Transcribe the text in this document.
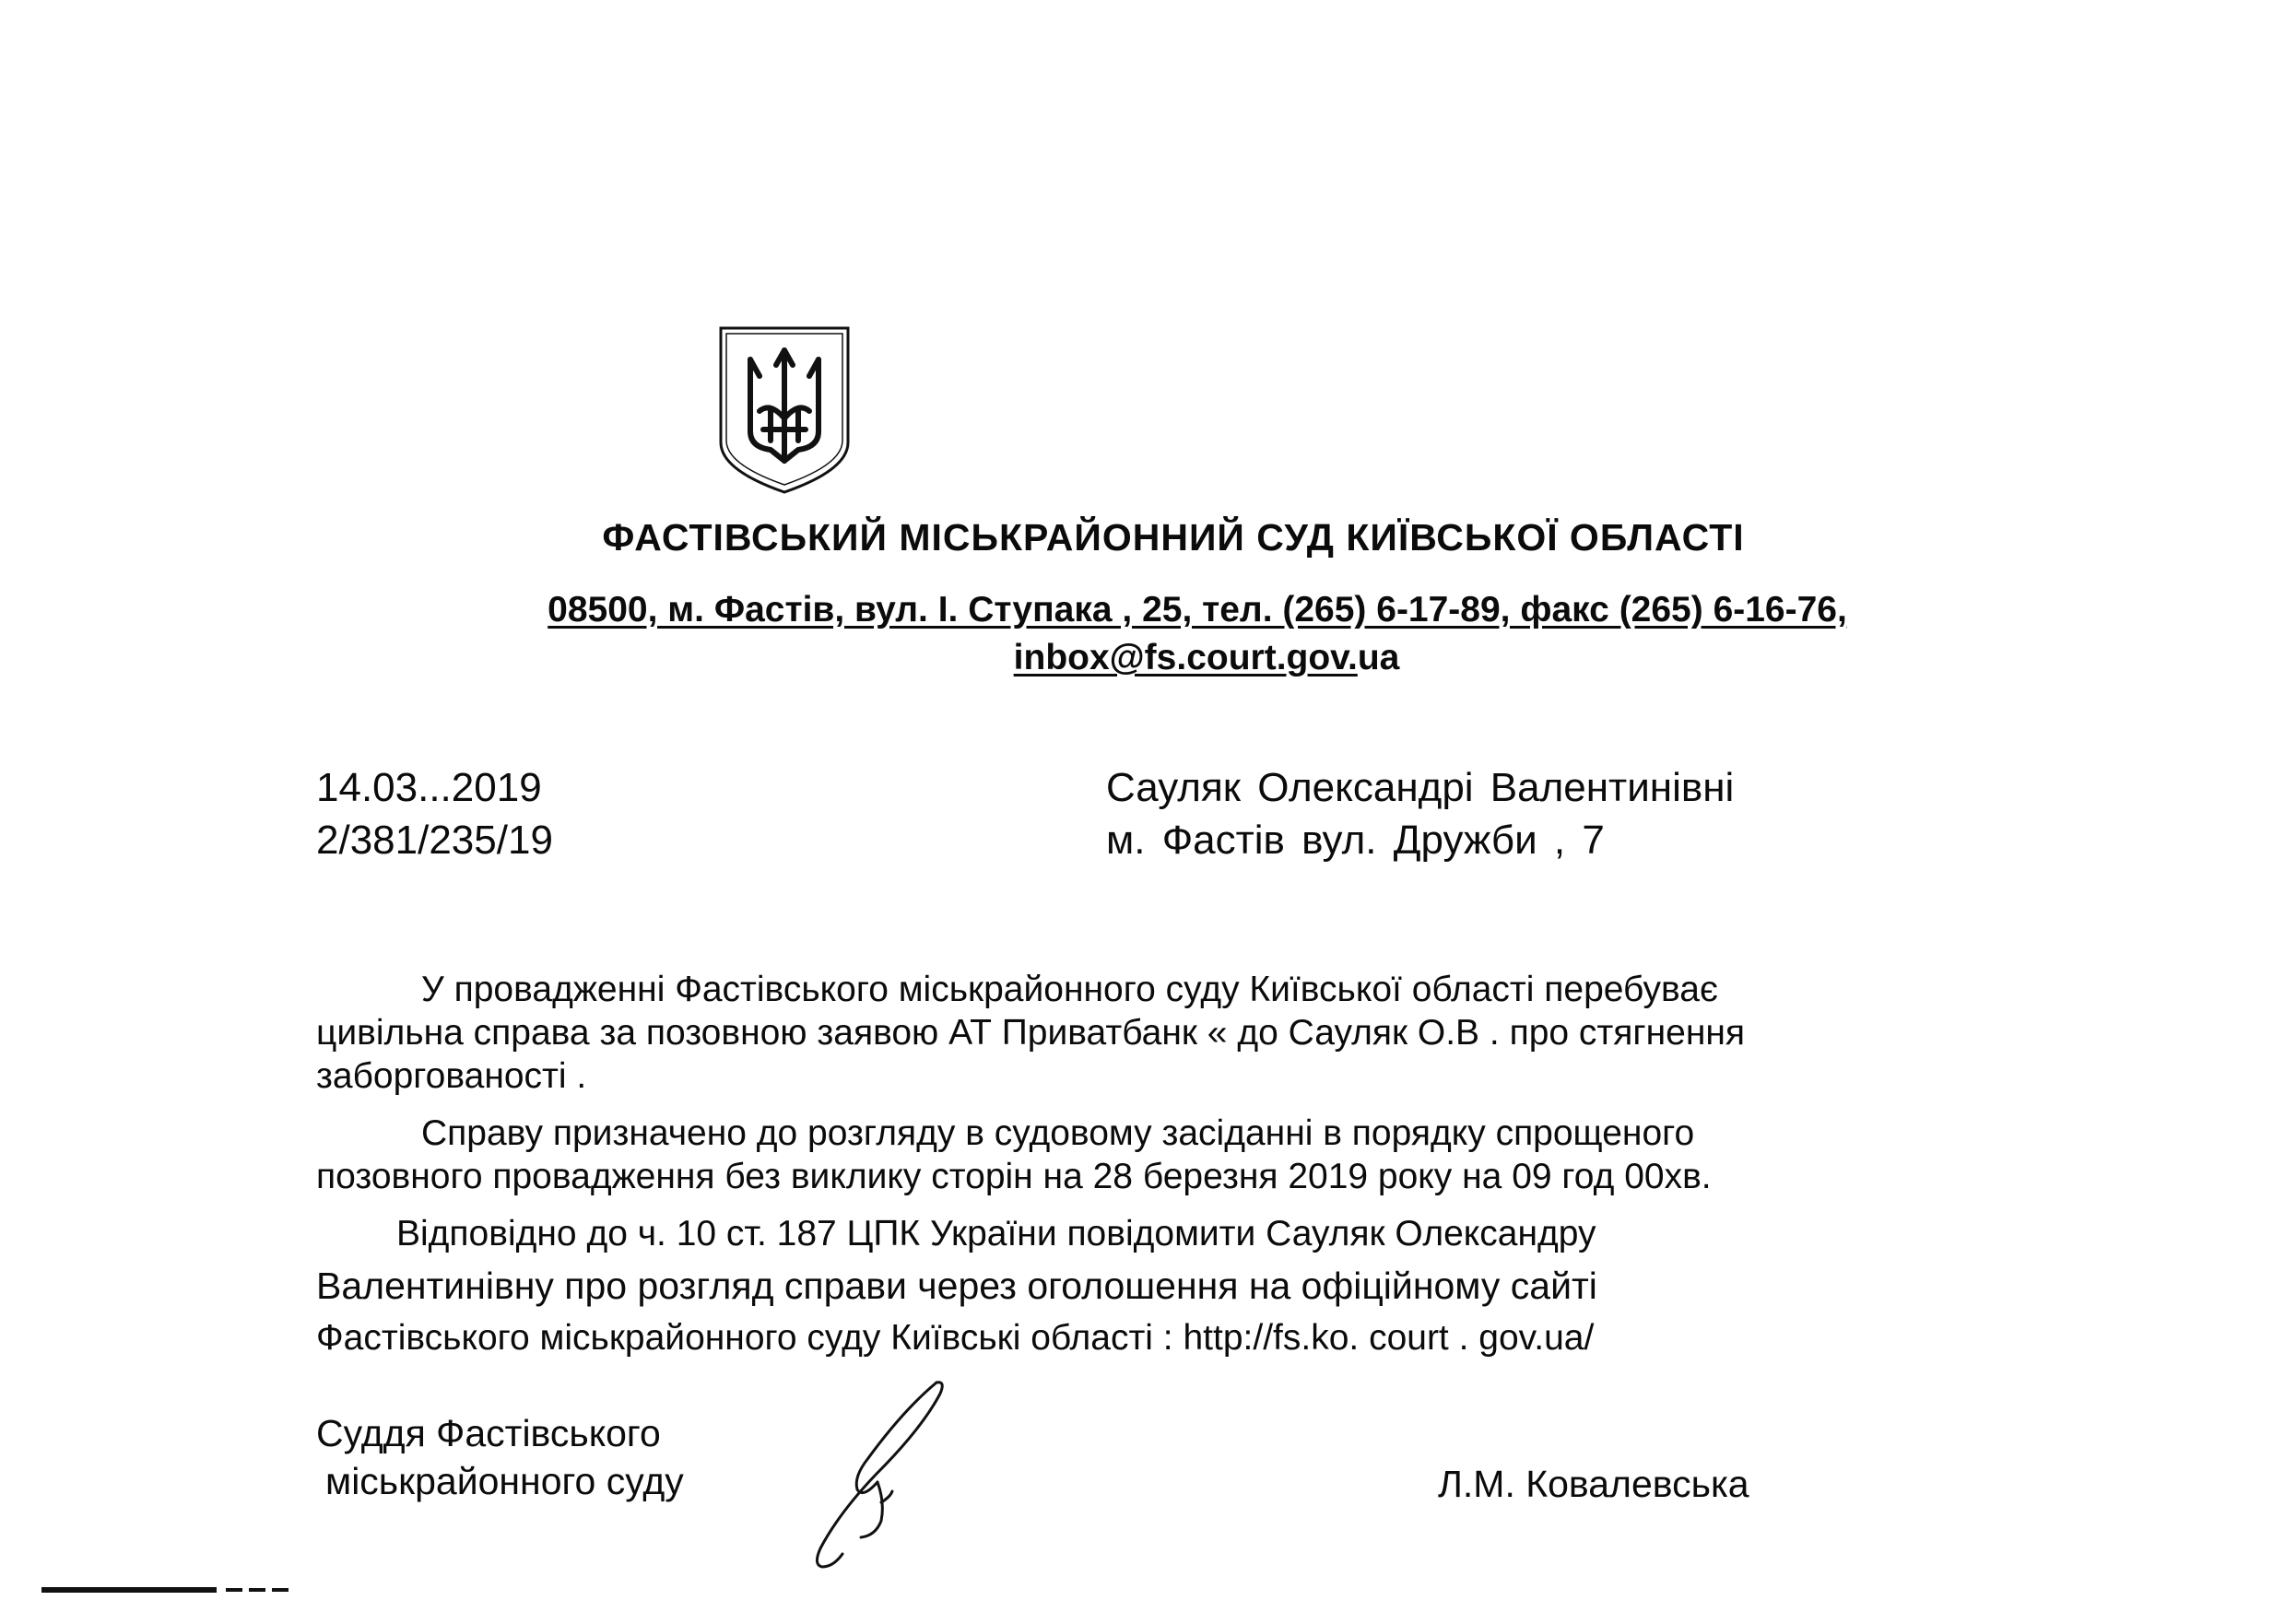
ФАСТІВСЬКИЙ МІСЬКРАЙОННИЙ СУД КИЇВСЬКОЇ ОБЛАСТІ
08500, м. Фастів, вул. І. Ступака , 25, тел. (265) 6-17-89, факс (265) 6-16-76,
inbox@fs.court.gov.ua
14.03...2019
2/381/235/19
Сауляк Олександрі Валентинівні
м. Фастів вул. Дружби , 7
У провадженні Фастівського міськрайонного суду Київської області перебуває
цивільна справа за позовною заявою АТ Приватбанк « до Сауляк О.В . про стягнення
заборгованості .
Справу призначено до розгляду в судовому засіданні в порядку спрощеного
позовного провадження без виклику сторін на 28 березня 2019 року на 09 год 00хв.
Відповідно до ч. 10 ст. 187 ЦПК України повідомити Сауляк Олександру
Валентинівну про розгляд справи через оголошення на офіційному сайті
Фастівського міськрайонного суду Київські області : http://fs.ko. court . gov.ua/
Суддя Фастівського
міськрайонного суду	Л.М. Ковалевська
